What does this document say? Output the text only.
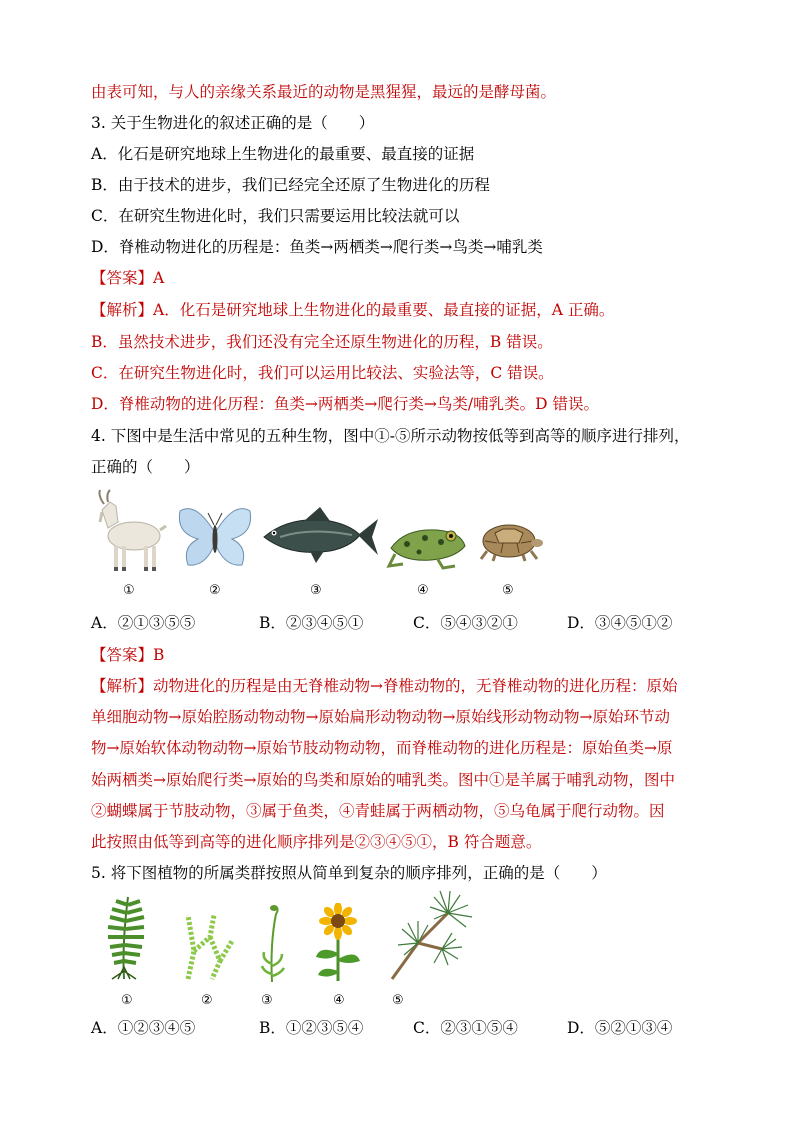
由表可知，与人的亲缘关系最近的动物是黑猩猩，最远的是酵母菌。
3. 关于生物进化的叙述正确的是（　　）
A．化石是研究地球上生物进化的最重要、最直接的证据
B．由于技术的进步，我们已经完全还原了生物进化的历程
C．在研究生物进化时，我们只需要运用比较法就可以
D．脊椎动物进化的历程是：鱼类→两栖类→爬行类→鸟类→哺乳类
【答案】A
【解析】A．化石是研究地球上生物进化的最重要、最直接的证据，A 正确。
B．虽然技术进步，我们还没有完全还原生物进化的历程，B 错误。
C．在研究生物进化时，我们可以运用比较法、实验法等，C 错误。
D．脊椎动物的进化历程：鱼类→两栖类→爬行类→鸟类/哺乳类。D 错误。
4. 下图中是生活中常见的五种生物，图中①-⑤所示动物按低等到高等的顺序进行排列，
正确的（　　）
①	②	③	④	⑤
A．②①③⑤⑤	B．②③④⑤①	C．⑤④③②①	D．③④⑤①②
【答案】B
【解析】动物进化的历程是由无脊椎动物→脊椎动物的，无脊椎动物的进化历程：原始
单细胞动物→原始腔肠动物动物→原始扁形动物动物→原始线形动物动物→原始环节动
物→原始软体动物动物→原始节肢动物动物，而脊椎动物的进化历程是：原始鱼类→原
始两栖类→原始爬行类→原始的鸟类和原始的哺乳类。图中①是羊属于哺乳动物，图中
②蝴蝶属于节肢动物，③属于鱼类，④青蛙属于两栖动物，⑤乌龟属于爬行动物。因
此按照由低等到高等的进化顺序排列是②③④⑤①，B 符合题意。
5. 将下图植物的所属类群按照从简单到复杂的顺序排列，正确的是（　　）
①	②	③	④	⑤
A．①②③④⑤	B．①②③⑤④	C．②③①⑤④	D．⑤②①③④
